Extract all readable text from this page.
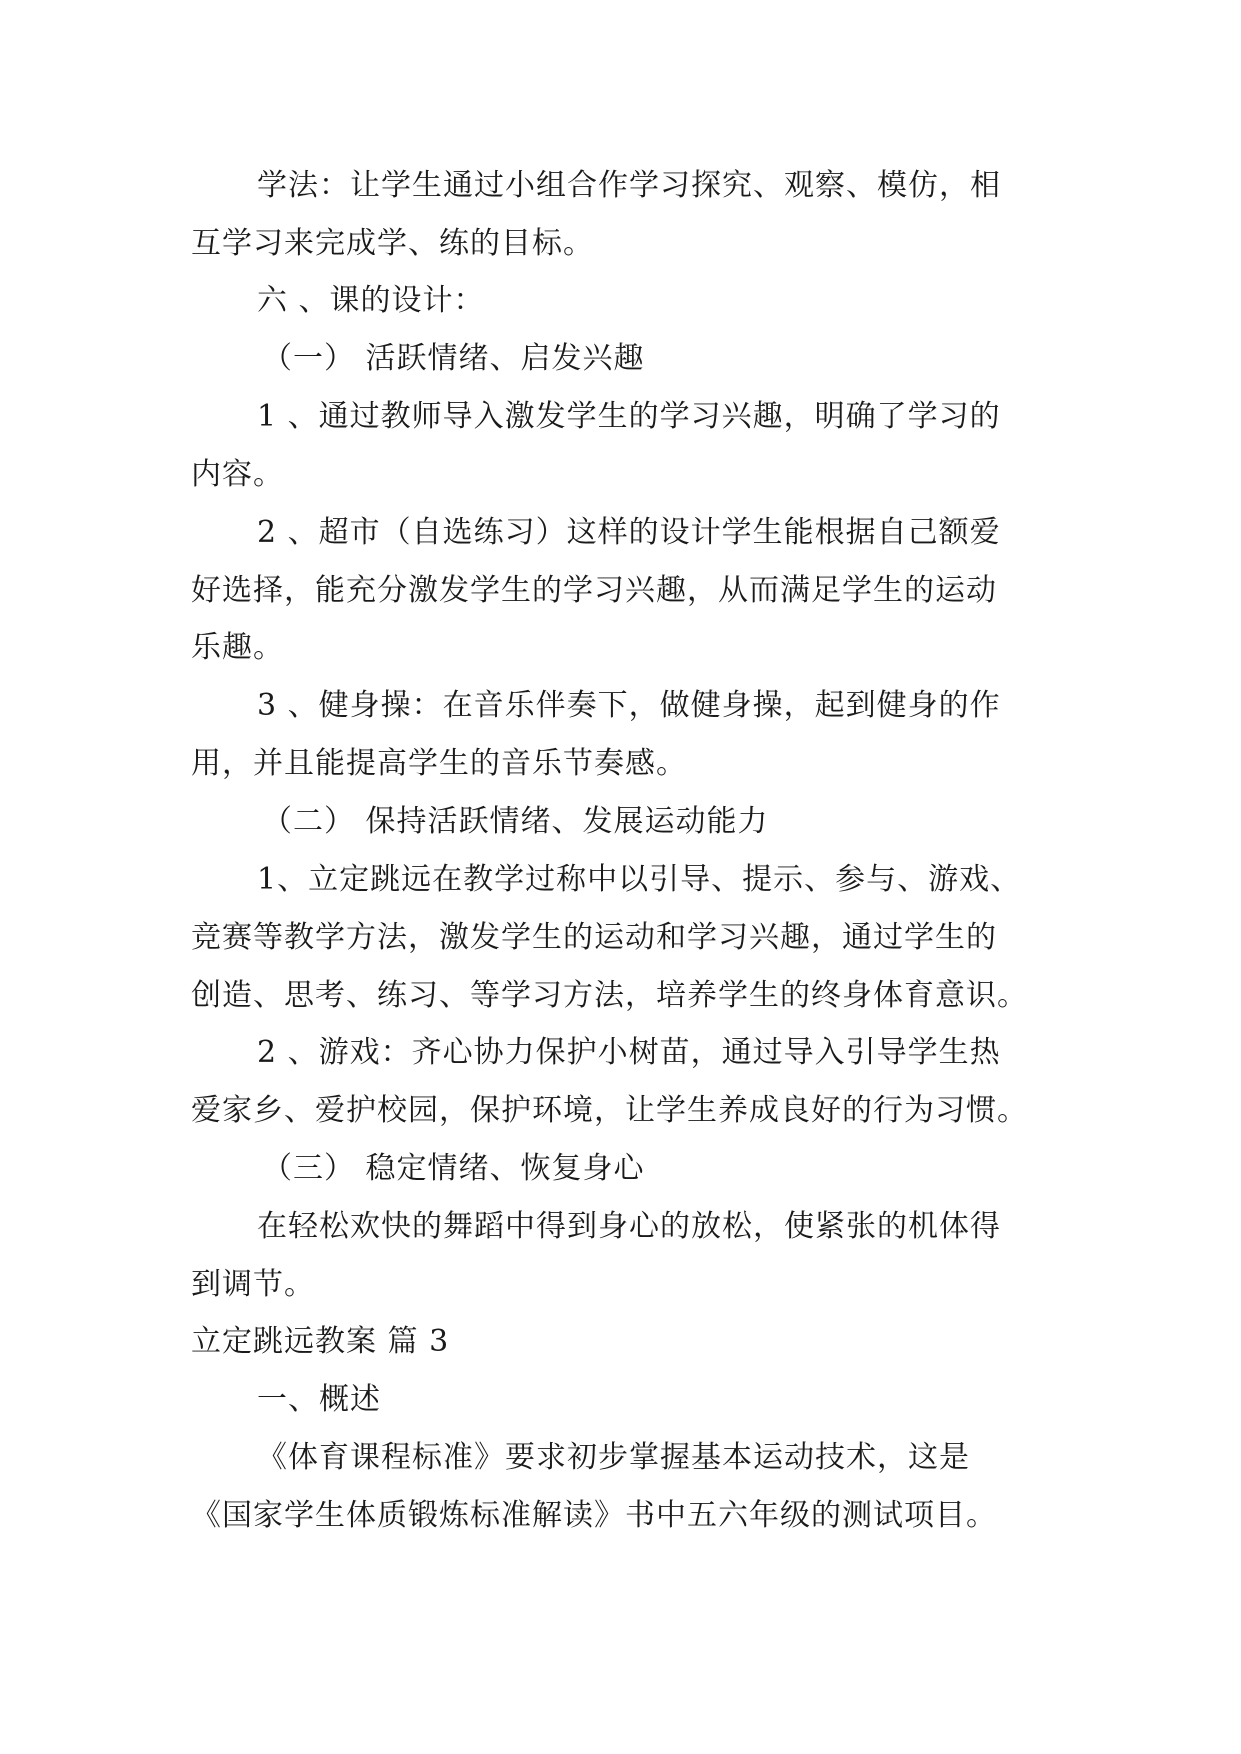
学法：让学生通过小组合作学习探究、观察、模仿，相
互学习来完成学、练的目标。
六 、课的设计：
（一） 活跃情绪、启发兴趣
1 、通过教师导入激发学生的学习兴趣，明确了学习的
内容。
2 、超市（自选练习）这样的设计学生能根据自己额爱
好选择，能充分激发学生的学习兴趣，从而满足学生的运动
乐趣。
3 、健身操：在音乐伴奏下，做健身操，起到健身的作
用，并且能提高学生的音乐节奏感。
（二） 保持活跃情绪、发展运动能力
1、立定跳远在教学过称中以引导、提示、参与、游戏、
竞赛等教学方法，激发学生的运动和学习兴趣，通过学生的
创造、思考、练习、等学习方法，培养学生的终身体育意识。
2 、游戏：齐心协力保护小树苗，通过导入引导学生热
爱家乡、爱护校园，保护环境，让学生养成良好的行为习惯。
（三） 稳定情绪、恢复身心
在轻松欢快的舞蹈中得到身心的放松，使紧张的机体得
到调节。
立定跳远教案 篇 3
一、概述
《体育课程标准》要求初步掌握基本运动技术，这是
《国家学生体质锻炼标准解读》书中五六年级的测试项目。
